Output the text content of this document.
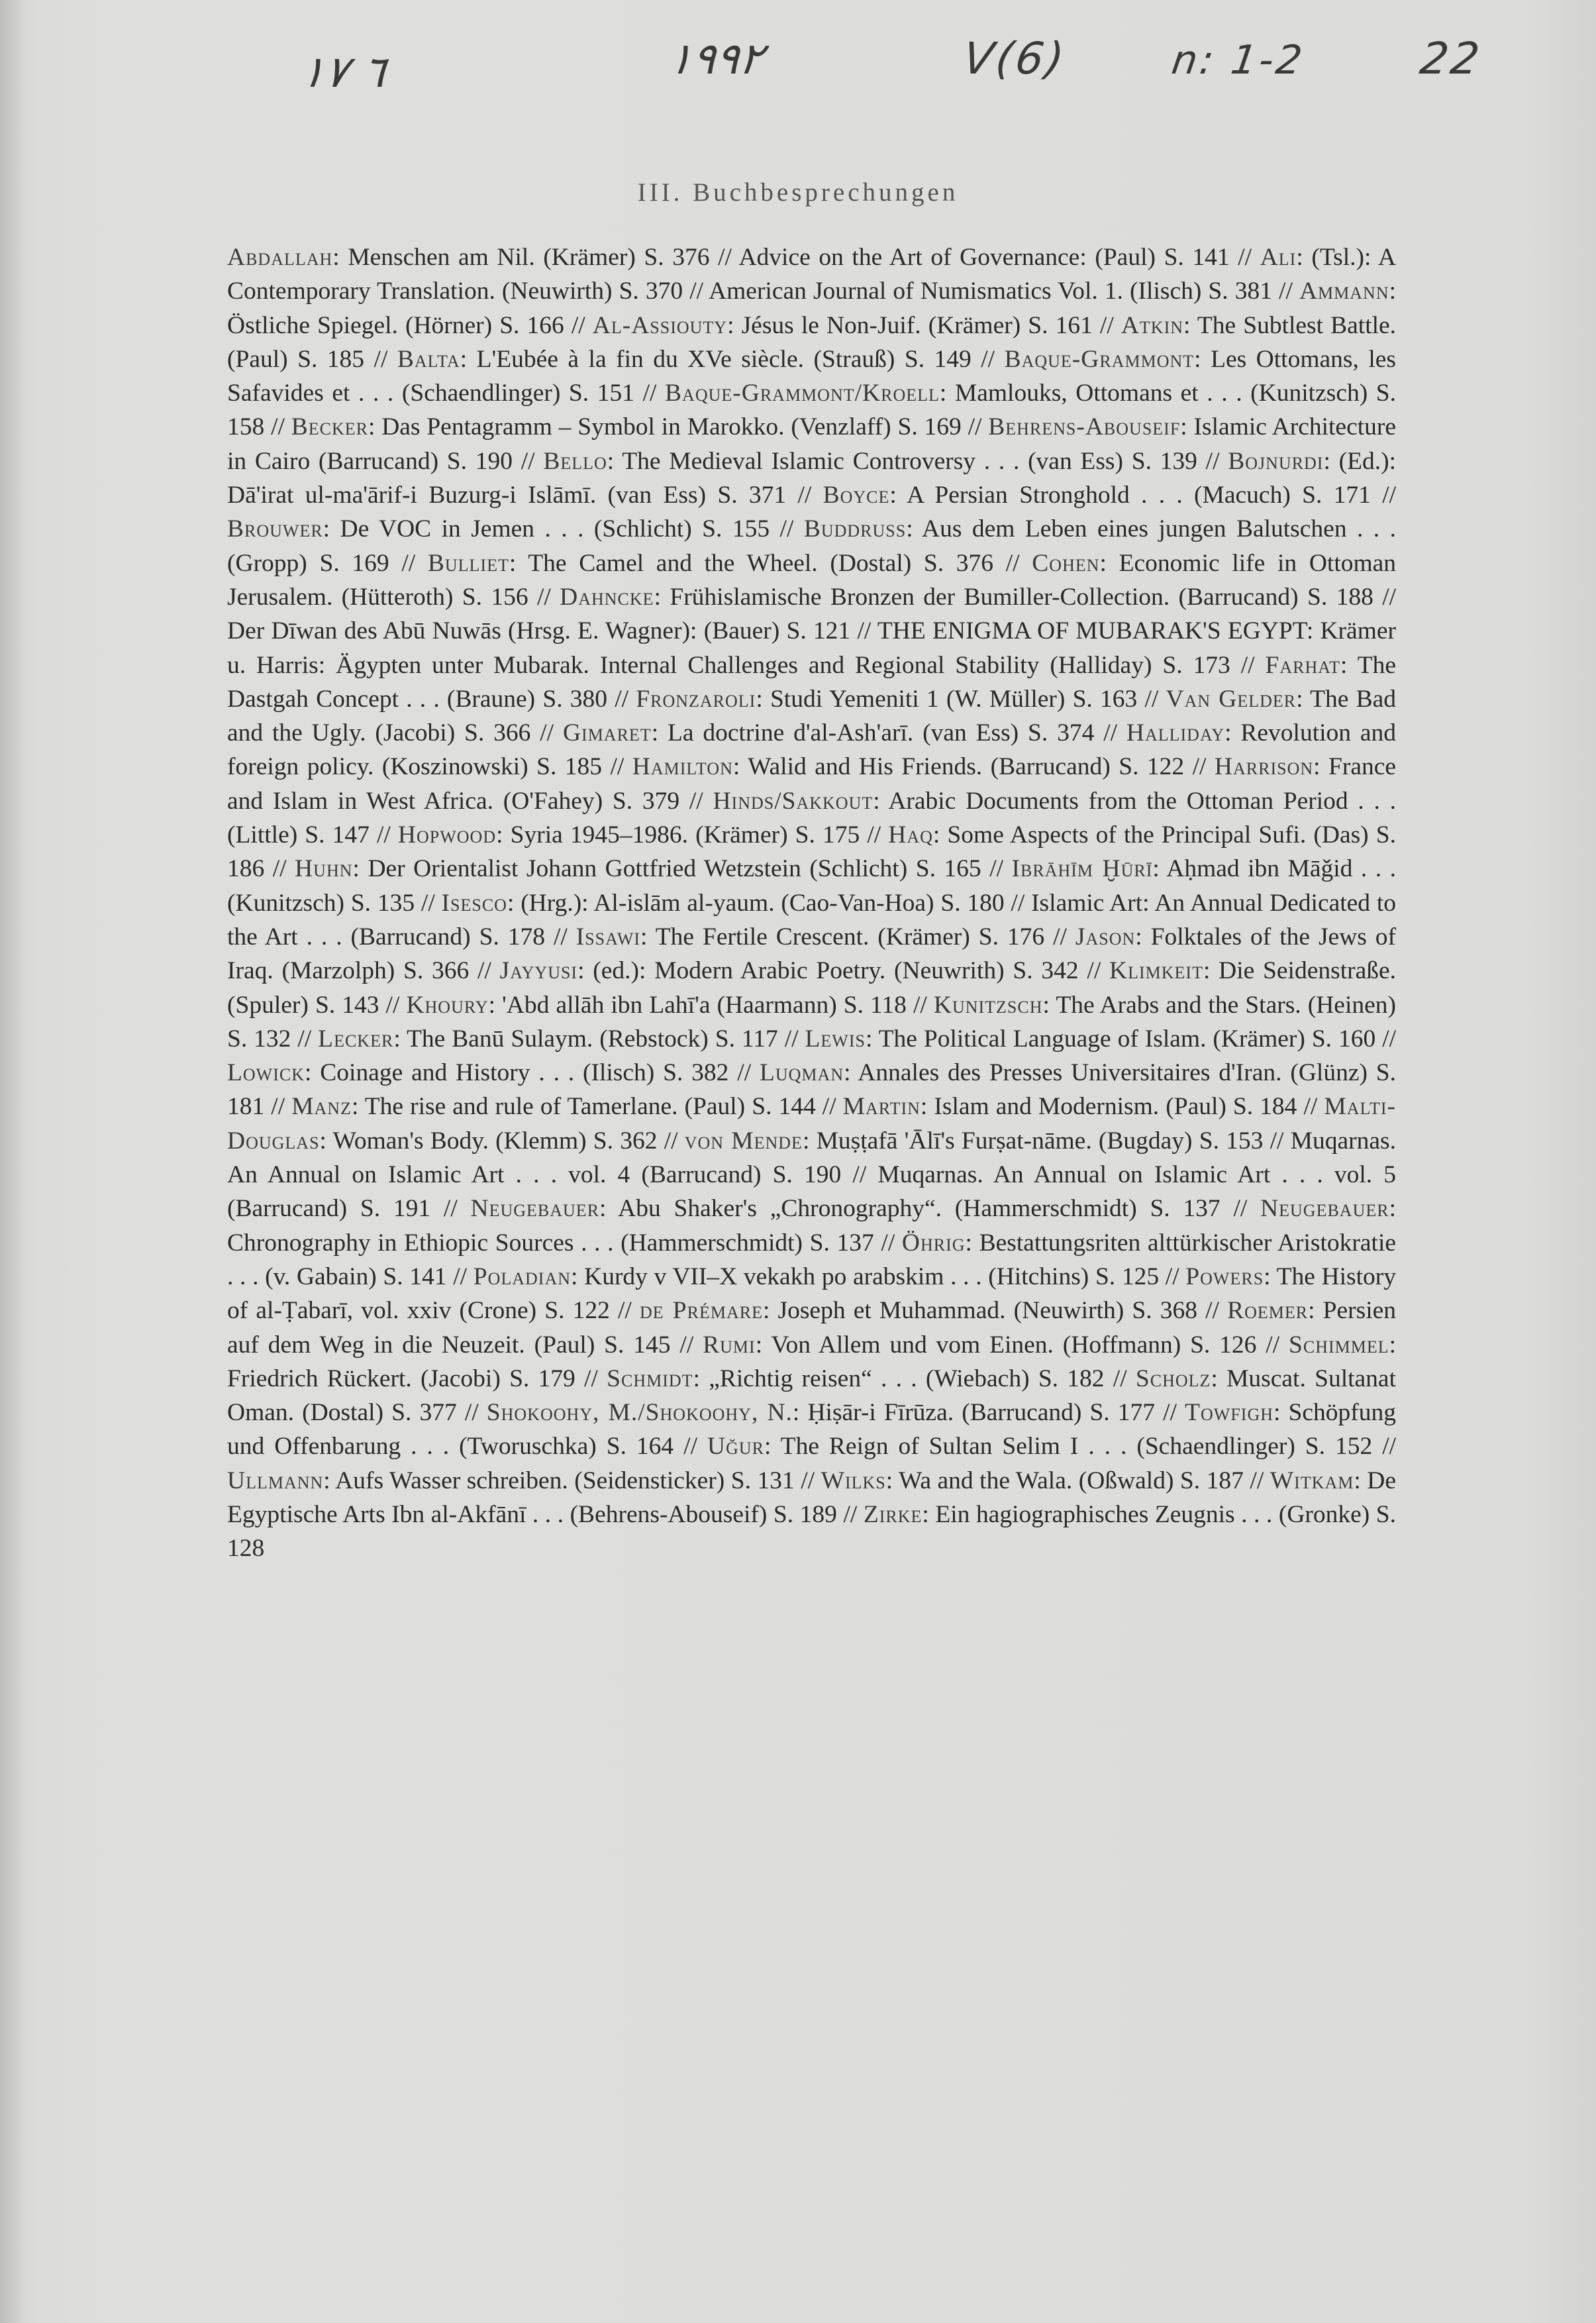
۱۷ ٦	۱۹۹۲	V(6)	n: 1-2	22
III. Buchbesprechungen

Abdallah: Menschen am Nil. (Krämer) S. 376 // Advice on the Art of Governance: (Paul) S. 141 // Ali: (Tsl.): A Contemporary Translation. (Neuwirth) S. 370 // American Journal of Numismatics Vol. 1. (Ilisch) S. 381 // Ammann: Östliche Spiegel. (Hörner) S. 166 // Al-Assiouty: Jésus le Non-Juif. (Krämer) S. 161 // Atkin: The Subtlest Battle. (Paul) S. 185 // Balta: L'Eubée à la fin du XVe siècle. (Strauß) S. 149 // Baque-Grammont: Les Ottomans, les Safavides et . . . (Schaendlinger) S. 151 // Baque-Grammont/Kroell: Mamlouks, Ottomans et . . . (Kunitzsch) S. 158 // Becker: Das Pentagramm – Symbol in Marokko. (Venzlaff) S. 169 // Behrens-Abouseif: Islamic Architecture in Cairo (Barrucand) S. 190 // Bello: The Medieval Islamic Controversy . . . (van Ess) S. 139 // Bojnurdi: (Ed.): Dā'irat ul-ma'ārif-i Buzurg-i Islāmī. (van Ess) S. 371 // Boyce: A Persian Stronghold . . . (Macuch) S. 171 // Brouwer: De VOC in Jemen . . . (Schlicht) S. 155 // Buddruss: Aus dem Leben eines jungen Balutschen . . . (Gropp) S. 169 // Bulliet: The Camel and the Wheel. (Dostal) S. 376 // Cohen: Economic life in Ottoman Jerusalem. (Hütteroth) S. 156 // Dahncke: Frühislamische Bronzen der Bumiller-Collection. (Barrucand) S. 188 // Der Dīwan des Abū Nuwās (Hrsg. E. Wagner): (Bauer) S. 121 // THE ENIGMA OF MUBARAK'S EGYPT: Krämer u. Harris: Ägypten unter Mubarak. Internal Challenges and Regional Stability (Halliday) S. 173 // Farhat: The Dastgah Concept . . . (Braune) S. 380 // Fronzaroli: Studi Yemeniti 1 (W. Müller) S. 163 // Van Gelder: The Bad and the Ugly. (Jacobi) S. 366 // Gimaret: La doctrine d'al-Ash'arī. (van Ess) S. 374 // Halliday: Revolution and foreign policy. (Koszinowski) S. 185 // Hamilton: Walid and His Friends. (Barrucand) S. 122 // Harrison: France and Islam in West Africa. (O'Fahey) S. 379 // Hinds/Sakkout: Arabic Documents from the Ottoman Period . . . (Little) S. 147 // Hopwood: Syria 1945–1986. (Krämer) S. 175 // Haq: Some Aspects of the Principal Sufi. (Das) S. 186 // Huhn: Der Orientalist Johann Gottfried Wetzstein (Schlicht) S. 165 // Ibrāhīm Ḫūrī: Aḥmad ibn Māǧid . . . (Kunitzsch) S. 135 // Isesco: (Hrg.): Al-islām al-yaum. (Cao-Van-Hoa) S. 180 // Islamic Art: An Annual Dedicated to the Art . . . (Barrucand) S. 178 // Issawi: The Fertile Crescent. (Krämer) S. 176 // Jason: Folktales of the Jews of Iraq. (Marzolph) S. 366 // Jayyusi: (ed.): Modern Arabic Poetry. (Neuwrith) S. 342 // Klimkeit: Die Seidenstraße. (Spuler) S. 143 // Khoury: 'Abd allāh ibn Lahī'a (Haarmann) S. 118 // Kunitzsch: The Arabs and the Stars. (Heinen) S. 132 // Lecker: The Banū Sulaym. (Rebstock) S. 117 // Lewis: The Political Language of Islam. (Krämer) S. 160 // Lowick: Coinage and History . . . (Ilisch) S. 382 // Luqman: Annales des Presses Universitaires d'Iran. (Glünz) S. 181 // Manz: The rise and rule of Tamerlane. (Paul) S. 144 // Martin: Islam and Modernism. (Paul) S. 184 // Malti-Douglas: Woman's Body. (Klemm) S. 362 // von Mende: Muṣṭafā 'Ālī's Furṣat-nāme. (Bugday) S. 153 // Muqarnas. An Annual on Islamic Art . . . vol. 4 (Barrucand) S. 190 // Muqarnas. An Annual on Islamic Art . . . vol. 5 (Barrucand) S. 191 // Neugebauer: Abu Shaker's „Chronography“. (Hammerschmidt) S. 137 // Neugebauer: Chronography in Ethiopic Sources . . . (Hammerschmidt) S. 137 // Öhrig: Bestattungsriten alttürkischer Aristokratie . . . (v. Gabain) S. 141 // Poladian: Kurdy v VII–X vekakh po arabskim . . . (Hitchins) S. 125 // Powers: The History of al-Ṭabarī, vol. xxiv (Crone) S. 122 // de Prémare: Joseph et Muhammad. (Neuwirth) S. 368 // Roemer: Persien auf dem Weg in die Neuzeit. (Paul) S. 145 // Rumi: Von Allem und vom Einen. (Hoffmann) S. 126 // Schimmel: Friedrich Rückert. (Jacobi) S. 179 // Schmidt: „Richtig reisen“ . . . (Wiebach) S. 182 // Scholz: Muscat. Sultanat Oman. (Dostal) S. 377 // Shokoohy, M./Shokoohy, N.: Ḥiṣār-i Fīrūza. (Barrucand) S. 177 // Towfigh: Schöpfung und Offenbarung . . . (Tworuschka) S. 164 // Uğur: The Reign of Sultan Selim I . . . (Schaendlinger) S. 152 // Ullmann: Aufs Wasser schreiben. (Seidensticker) S. 131 // Wilks: Wa and the Wala. (Oßwald) S. 187 // Witkam: De Egyptische Arts Ibn al-Akfānī . . . (Behrens-Abouseif) S. 189 // Zirke: Ein hagiographisches Zeugnis . . . (Gronke) S. 128
